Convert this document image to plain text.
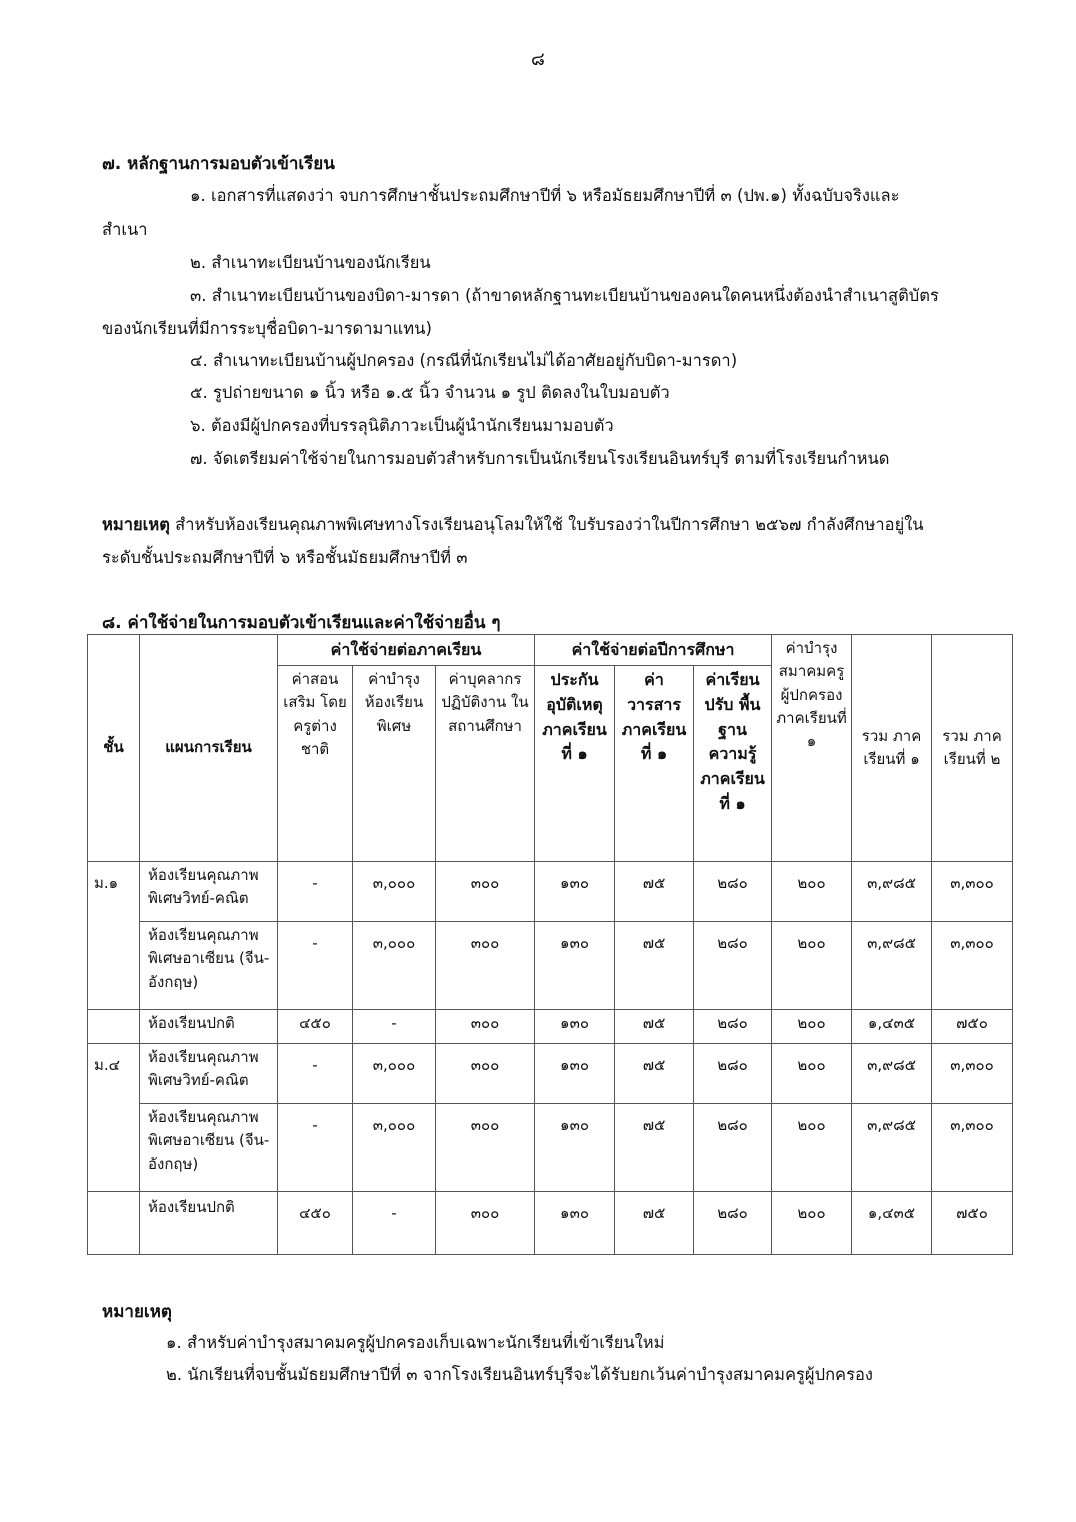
๘
๗. หลักฐานการมอบตัวเข้าเรียน
๑. เอกสารที่แสดงว่า จบการศึกษาชั้นประถมศึกษาปีที่ ๖ หรือมัธยมศึกษาปีที่ ๓ (ปพ.๑) ทั้งฉบับจริงและ
สำเนา
๒. สำเนาทะเบียนบ้านของนักเรียน
๓. สำเนาทะเบียนบ้านของบิดา-มารดา (ถ้าขาดหลักฐานทะเบียนบ้านของคนใดคนหนึ่งต้องนำสำเนาสูติบัตร
ของนักเรียนที่มีการระบุชื่อบิดา-มารดามาแทน)
๔. สำเนาทะเบียนบ้านผู้ปกครอง (กรณีที่นักเรียนไม่ได้อาศัยอยู่กับบิดา-มารดา)
๕. รูปถ่ายขนาด ๑ นิ้ว หรือ ๑.๕ นิ้ว จำนวน ๑ รูป ติดลงในใบมอบตัว
๖. ต้องมีผู้ปกครองที่บรรลุนิติภาวะเป็นผู้นำนักเรียนมามอบตัว
๗. จัดเตรียมค่าใช้จ่ายในการมอบตัวสำหรับการเป็นนักเรียนโรงเรียนอินทร์บุรี ตามที่โรงเรียนกำหนด
หมายเหตุ สำหรับห้องเรียนคุณภาพพิเศษทางโรงเรียนอนุโลมให้ใช้ ใบรับรองว่าในปีการศึกษา ๒๕๖๗ กำลังศึกษาอยู่ใน
ระดับชั้นประถมศึกษาปีที่ ๖ หรือชั้นมัธยมศึกษาปีที่ ๓
๘. ค่าใช้จ่ายในการมอบตัวเข้าเรียนและค่าใช้จ่ายอื่น ๆ
ชั้น	แผนการเรียน	ค่าใช้จ่ายต่อภาคเรียน			ค่าใช้จ่ายต่อปีการศึกษา			ค่าบำรุง สมาคมครู ผู้ปกครอง ภาคเรียนที่ ๑	รวม ภาค เรียนที่ ๑	รวม ภาค เรียนที่ ๒
		ค่าสอน เสริม โดยครูต่าง ชาติ	ค่าบำรุง ห้องเรียน พิเศษ	ค่าบุคลากร ปฏิบัติงาน ใน สถานศึกษา	ประกัน อุบัติเหตุ ภาคเรียน ที่ ๑	ค่า วารสาร ภาคเรียน ที่ ๑	ค่าเรียน ปรับ พื้นฐาน ความรู้ ภาคเรียน ที่ ๑			
ม.๑	ห้องเรียนคุณภาพ พิเศษวิทย์-คณิต	-	๓,๐๐๐	๓๐๐	๑๓๐	๗๕	๒๘๐	๒๐๐	๓,๙๘๕	๓,๓๐๐
	ห้องเรียนคุณภาพ พิเศษอาเซียน (จีน-อังกฤษ)	-	๓,๐๐๐	๓๐๐	๑๓๐	๗๕	๒๘๐	๒๐๐	๓,๙๘๕	๓,๓๐๐
	ห้องเรียนปกติ	๔๕๐	-	๓๐๐	๑๓๐	๗๕	๒๘๐	๒๐๐	๑,๔๓๕	๗๕๐
ม.๔	ห้องเรียนคุณภาพ พิเศษวิทย์-คณิต	-	๓,๐๐๐	๓๐๐	๑๓๐	๗๕	๒๘๐	๒๐๐	๓,๙๘๕	๓,๓๐๐
	ห้องเรียนคุณภาพ พิเศษอาเซียน (จีน-อังกฤษ)	-	๓,๐๐๐	๓๐๐	๑๓๐	๗๕	๒๘๐	๒๐๐	๓,๙๘๕	๓,๓๐๐
	ห้องเรียนปกติ	๔๕๐	-	๓๐๐	๑๓๐	๗๕	๒๘๐	๒๐๐	๑,๔๓๕	๗๕๐
หมายเหตุ
๑. สำหรับค่าบำรุงสมาคมครูผู้ปกครองเก็บเฉพาะนักเรียนที่เข้าเรียนใหม่
๒. นักเรียนที่จบชั้นมัธยมศึกษาปีที่ ๓ จากโรงเรียนอินทร์บุรีจะได้รับยกเว้นค่าบำรุงสมาคมครูผู้ปกครอง
